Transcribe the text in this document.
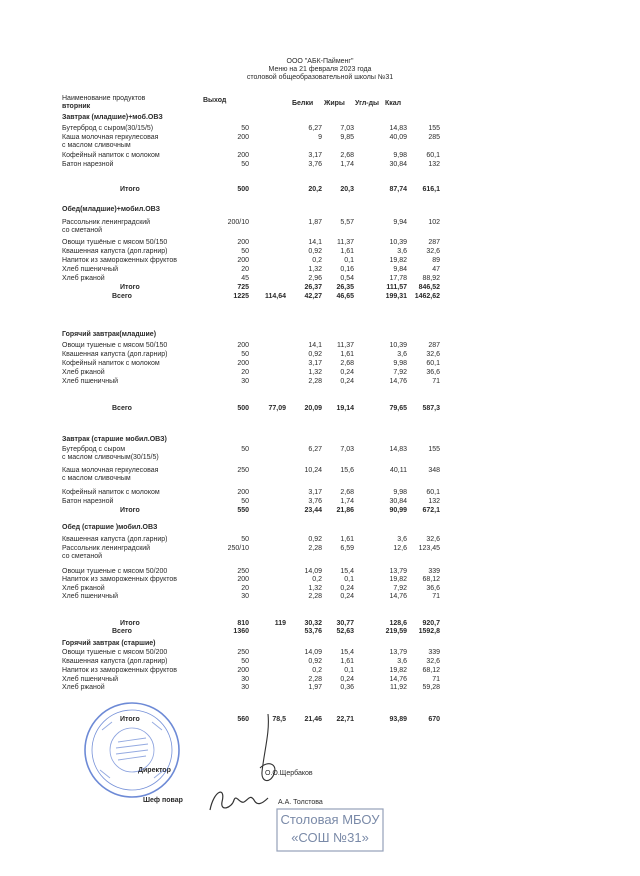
ООО "АБК-Пайменг"
Меню на 21 февраля 2023 года
столовой общеобразовательной школы №31
Наименование продуктов
вторник
Выход	Белки Жиры Угл-ды Ккал
Завтрак (младшие)+моб.ОВЗ
Бутерброд с сыром(30/15/5)	50	6,27	7,03	14,83	155
Каша молочная геркулесовая	200	9	9,85	40,09	285
с маслом сливочным
Кофейный напиток с молоком	200	3,17	2,68	9,98	60,1
Батон нарезной	50	3,76	1,74	30,84	132
Итого	500	20,2	20,3	87,74	616,1
Обед(младшие)+мобил.ОВЗ
Рассольник ленинградский	200/10	1,87	5,57	9,94	102
со сметаной
Овощи тушёные с мясом 50/150	200	14,1	11,37	10,39	287
Квашенная капуста (доп.гарнир)	50	0,92	1,61	3,6	32,6
Напиток из замороженных фруктов	200	0,2	0,1	19,82	89
Хлеб пшеничный	20	1,32	0,16	9,84	47
Хлеб ржаной	45	2,96	0,54	17,78	88,92
Итого	725	26,37	26,35	111,57	846,52
Всего	1225	114,64	42,27	46,65	199,31	1462,62
Горячий завтрак(младшие)
Овощи тушеные с мясом 50/150	200	14,1	11,37	10,39	287
Квашенная капуста (доп.гарнир)	50	0,92	1,61	3,6	32,6
Кофейный напиток с молоком	200	3,17	2,68	9,98	60,1
Хлеб ржаной	20	1,32	0,24	7,92	36,6
Хлеб пшеничный	30	2,28	0,24	14,76	71
Всего	500	77,09	20,09	19,14	79,65	587,3
Завтрак (старшие мобил.ОВЗ)
Бутерброд с сыром	50	6,27	7,03	14,83	155
с маслом сливочным(30/15/5)
Каша молочная геркулесовая	250	10,24	15,6	40,11	348
с маслом сливочным
Кофейный напиток с молоком	200	3,17	2,68	9,98	60,1
Батон нарезной	50	3,76	1,74	30,84	132
Итого	550	23,44	21,86	90,99	672,1
Обед (старшие )мобил.ОВЗ
Квашенная капуста (доп.гарнир)	50	0,92	1,61	3,6	32,6
Рассольник ленинградский	250/10	2,28	6,59	12,6	123,45
со сметаной
Овощи тушеные с мясом 50/200	250	14,09	15,4	13,79	339
Напиток из замороженных фруктов	200	0,2	0,1	19,82	68,12
Хлеб ржаной	20	1,32	0,24	7,92	36,6
Хлеб пшеничный	30	2,28	0,24	14,76	71
Итого	810	119	30,32	30,77	128,6	920,7
Всего	1360	53,76	52,63	219,59	1592,8
Горячий завтрак (старшие)
Овощи тушеные с мясом 50/200	250	14,09	15,4	13,79	339
Квашенная капуста (доп.гарнир)	50	0,92	1,61	3,6	32,6
Напиток из замороженных фруктов	200	0,2	0,1	19,82	68,12
Хлеб пшеничный	30	2,28	0,24	14,76	71
Хлеб ржаной	30	1,97	0,36	11,92	59,28
Итого	560	78,5	21,46	22,71	93,89	670
Директор	О.О.Щербаков
Шеф повар	А.А. Толстова
Столовая МБОУ
«СОШ №31»
